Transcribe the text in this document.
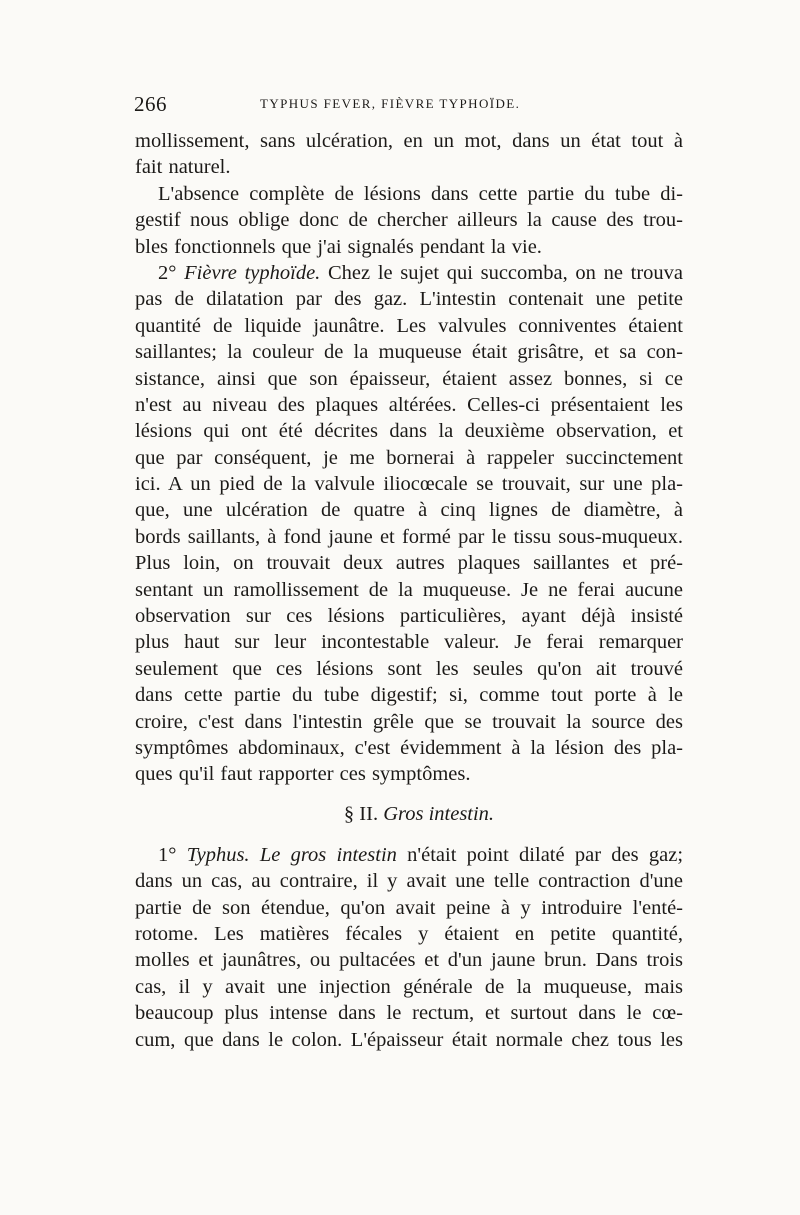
266	TYPHUS FEVER, FIÈVRE TYPHOÏDE.
mollissement, sans ulcération, en un mot, dans un état tout à
fait naturel.
L'absence complète de lésions dans cette partie du tube di-
gestif nous oblige donc de chercher ailleurs la cause des trou-
bles fonctionnels que j'ai signalés pendant la vie.
2° Fièvre typhoïde. Chez le sujet qui succomba, on ne trouva
pas de dilatation par des gaz. L'intestin contenait une petite
quantité de liquide jaunâtre. Les valvules conniventes étaient
saillantes; la couleur de la muqueuse était grisâtre, et sa con-
sistance, ainsi que son épaisseur, étaient assez bonnes, si ce
n'est au niveau des plaques altérées. Celles-ci présentaient les
lésions qui ont été décrites dans la deuxième observation, et
que par conséquent, je me bornerai à rappeler succinctement
ici. A un pied de la valvule iliocœcale se trouvait, sur une pla-
que, une ulcération de quatre à cinq lignes de diamètre, à
bords saillants, à fond jaune et formé par le tissu sous-muqueux.
Plus loin, on trouvait deux autres plaques saillantes et pré-
sentant un ramollissement de la muqueuse. Je ne ferai aucune
observation sur ces lésions particulières, ayant déjà insisté
plus haut sur leur incontestable valeur. Je ferai remarquer
seulement que ces lésions sont les seules qu'on ait trouvé
dans cette partie du tube digestif; si, comme tout porte à le
croire, c'est dans l'intestin grêle que se trouvait la source des
symptômes abdominaux, c'est évidemment à la lésion des pla-
ques qu'il faut rapporter ces symptômes.
§ II. Gros intestin.
1° Typhus. Le gros intestin n'était point dilaté par des gaz;
dans un cas, au contraire, il y avait une telle contraction d'une
partie de son étendue, qu'on avait peine à y introduire l'enté-
rotome. Les matières fécales y étaient en petite quantité,
molles et jaunâtres, ou pultacées et d'un jaune brun. Dans trois
cas, il y avait une injection générale de la muqueuse, mais
beaucoup plus intense dans le rectum, et surtout dans le cœ-
cum, que dans le colon. L'épaisseur était normale chez tous les
